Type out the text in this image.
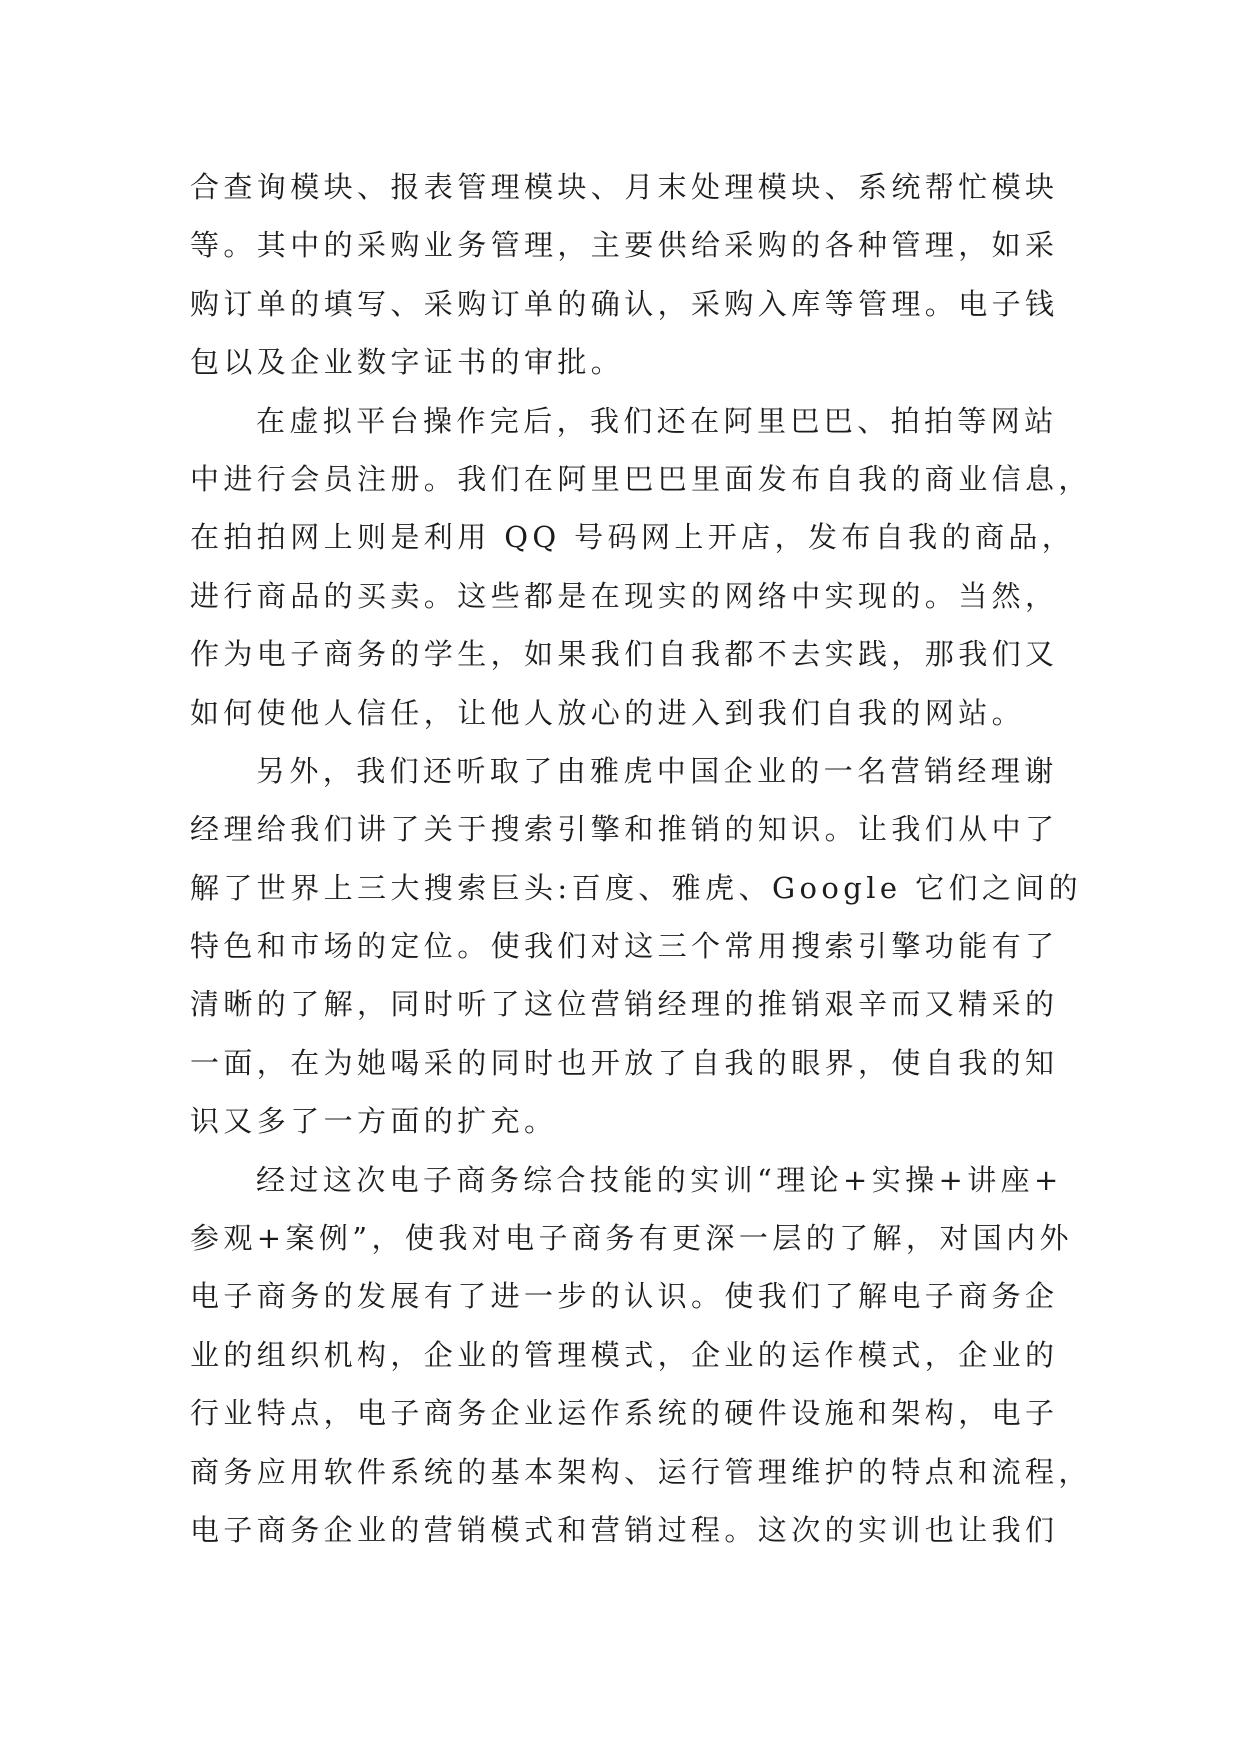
合查询模块、报表管理模块、月末处理模块、系统帮忙模块
等。其中的采购业务管理，主要供给采购的各种管理，如采
购订单的填写、采购订单的确认，采购入库等管理。电子钱
包以及企业数字证书的审批。
在虚拟平台操作完后，我们还在阿里巴巴、拍拍等网站
中进行会员注册。我们在阿里巴巴里面发布自我的商业信息，
在拍拍网上则是利用 QQ 号码网上开店，发布自我的商品，
进行商品的买卖。这些都是在现实的网络中实现的。当然，
作为电子商务的学生，如果我们自我都不去实践，那我们又
如何使他人信任，让他人放心的进入到我们自我的网站。
另外，我们还听取了由雅虎中国企业的一名营销经理谢
经理给我们讲了关于搜索引擎和推销的知识。让我们从中了
解了世界上三大搜索巨头:百度、雅虎、Google 它们之间的
特色和市场的定位。使我们对这三个常用搜索引擎功能有了
清晰的了解，同时听了这位营销经理的推销艰辛而又精采的
一面，在为她喝采的同时也开放了自我的眼界，使自我的知
识又多了一方面的扩充。
经过这次电子商务综合技能的实训“理论+实操+讲座+
参观+案例”，使我对电子商务有更深一层的了解，对国内外
电子商务的发展有了进一步的认识。使我们了解电子商务企
业的组织机构，企业的管理模式，企业的运作模式，企业的
行业特点，电子商务企业运作系统的硬件设施和架构，电子
商务应用软件系统的基本架构、运行管理维护的特点和流程，
电子商务企业的营销模式和营销过程。这次的实训也让我们
